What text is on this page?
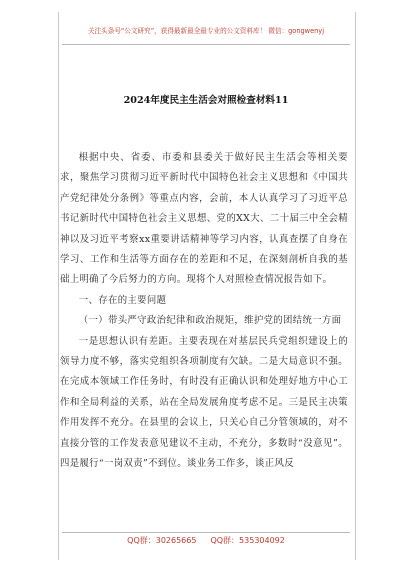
关注头条号“公文研究”，获得最新最全最专业的公文资料库！ 微信：gongwenyj
2024年度民主生活会对照检查材料11

根据中央、省委、市委和县委关于做好民主生活会等相关要求，聚焦学习贯彻习近平新时代中国特色社会主义思想和《中国共产党纪律处分条例》等重点内容，会前，本人认真学习了习近平总书记新时代中国特色社会主义思想、党的XX大、二十届三中全会精神以及习近平考察xx重要讲话精神等学习内容，认真查摆了自身在学习、工作和生活等方面存在的差距和不足，在深刻剖析自我的基础上明确了今后努力的方向。现将个人对照检查情况报告如下。

一、存在的主要问题

（一）带头严守政治纪律和政治规矩，维护党的团结统一方面

一是思想认识有差距。主要表现在对基层民兵党组织建设上的领导力度不够，落实党组织各项制度有欠缺。二是大局意识不强。在完成本领域工作任务时，有时没有正确认识和处理好地方中心工作和全局利益的关系，站在全局发展角度考虑不足。三是民主决策作用发挥不充分。在县里的会议上，只关心自己分管领域的，对不直接分管的工作发表意见建议不主动，不充分，多数时“没意见”。四是履行“一岗双责”不到位。谈业务工作多，谈正风反

QQ群：30265665 QQ群：535304092
